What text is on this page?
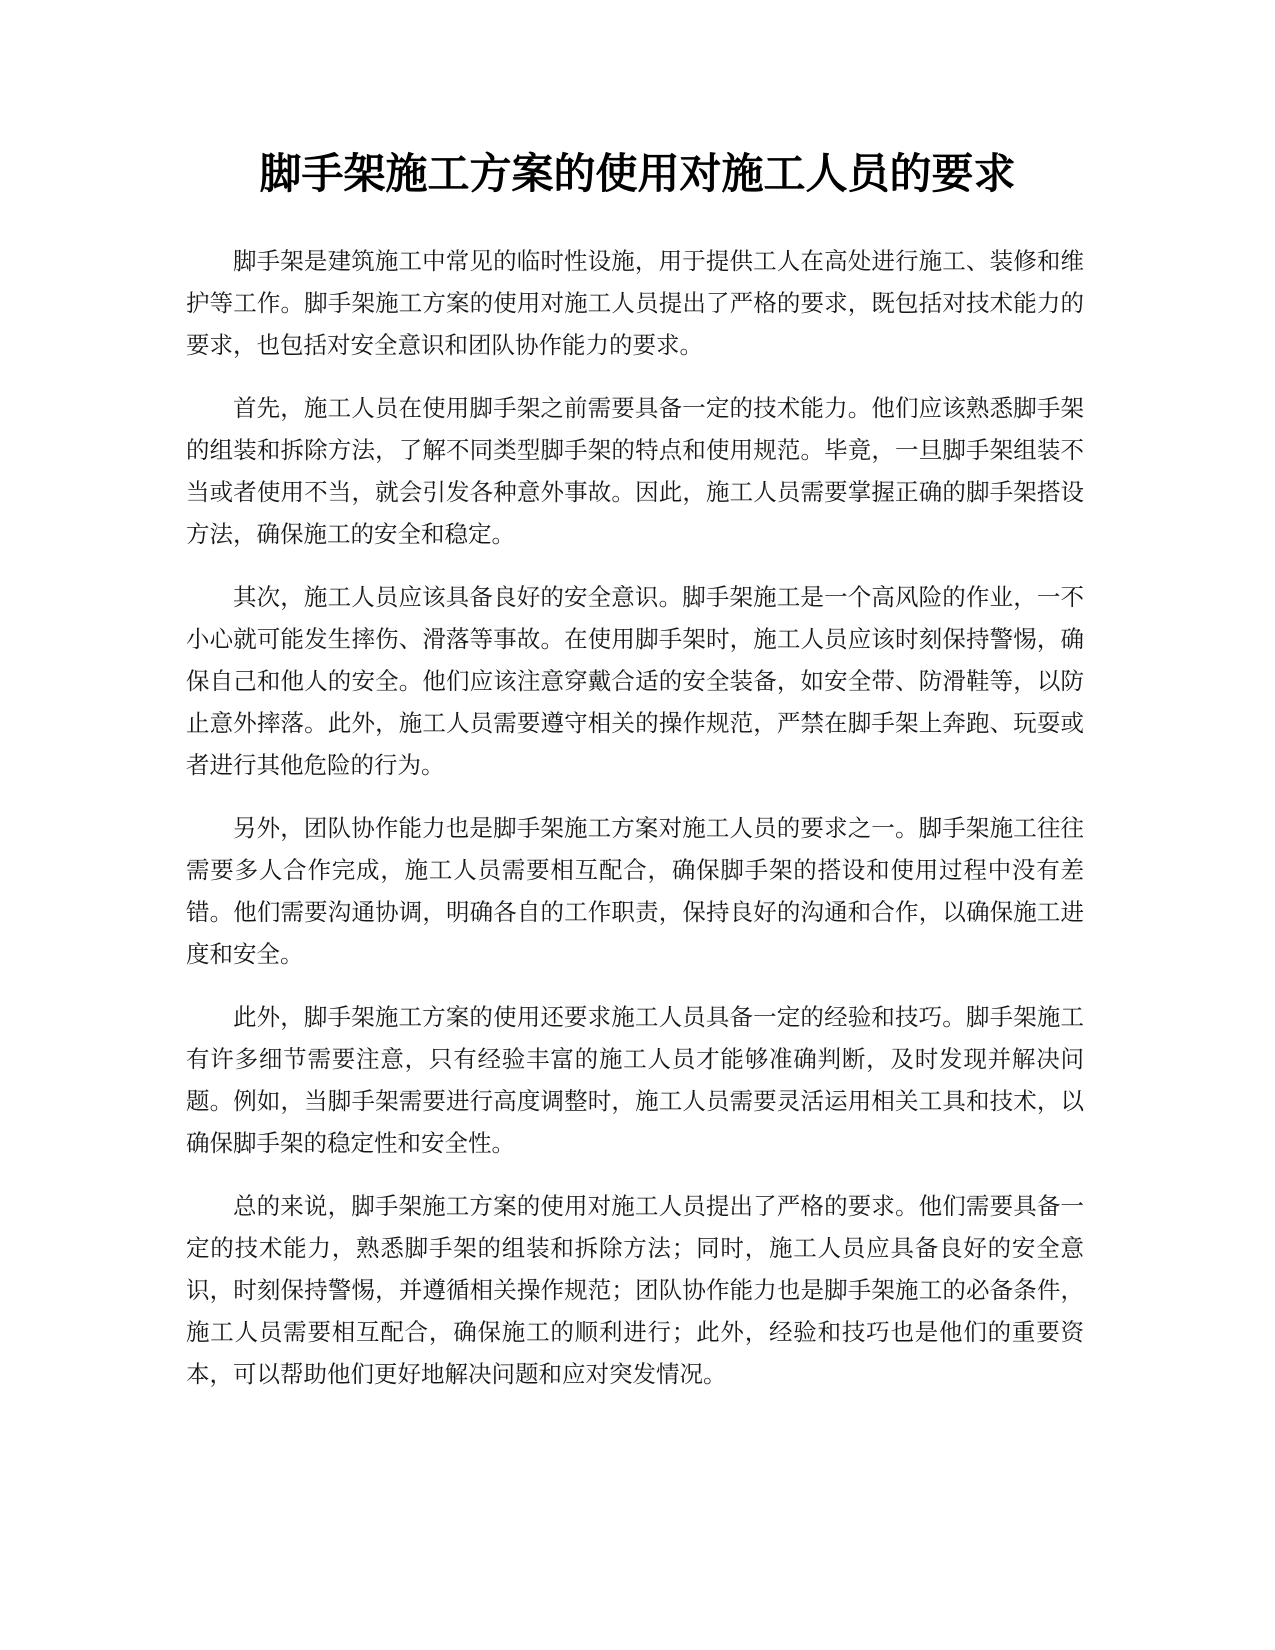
脚手架施工方案的使用对施工人员的要求

脚手架是建筑施工中常见的临时性设施，用于提供工人在高处进行施工、装修和维护等工作。脚手架施工方案的使用对施工人员提出了严格的要求，既包括对技术能力的要求，也包括对安全意识和团队协作能力的要求。

首先，施工人员在使用脚手架之前需要具备一定的技术能力。他们应该熟悉脚手架的组装和拆除方法，了解不同类型脚手架的特点和使用规范。毕竟，一旦脚手架组装不当或者使用不当，就会引发各种意外事故。因此，施工人员需要掌握正确的脚手架搭设方法，确保施工的安全和稳定。

其次，施工人员应该具备良好的安全意识。脚手架施工是一个高风险的作业，一不小心就可能发生摔伤、滑落等事故。在使用脚手架时，施工人员应该时刻保持警惕，确保自己和他人的安全。他们应该注意穿戴合适的安全装备，如安全带、防滑鞋等，以防止意外摔落。此外，施工人员需要遵守相关的操作规范，严禁在脚手架上奔跑、玩耍或者进行其他危险的行为。

另外，团队协作能力也是脚手架施工方案对施工人员的要求之一。脚手架施工往往需要多人合作完成，施工人员需要相互配合，确保脚手架的搭设和使用过程中没有差错。他们需要沟通协调，明确各自的工作职责，保持良好的沟通和合作，以确保施工进度和安全。

此外，脚手架施工方案的使用还要求施工人员具备一定的经验和技巧。脚手架施工有许多细节需要注意，只有经验丰富的施工人员才能够准确判断，及时发现并解决问题。例如，当脚手架需要进行高度调整时，施工人员需要灵活运用相关工具和技术，以确保脚手架的稳定性和安全性。

总的来说，脚手架施工方案的使用对施工人员提出了严格的要求。他们需要具备一定的技术能力，熟悉脚手架的组装和拆除方法；同时，施工人员应具备良好的安全意识，时刻保持警惕，并遵循相关操作规范；团队协作能力也是脚手架施工的必备条件，施工人员需要相互配合，确保施工的顺利进行；此外，经验和技巧也是他们的重要资本，可以帮助他们更好地解决问题和应对突发情况。
